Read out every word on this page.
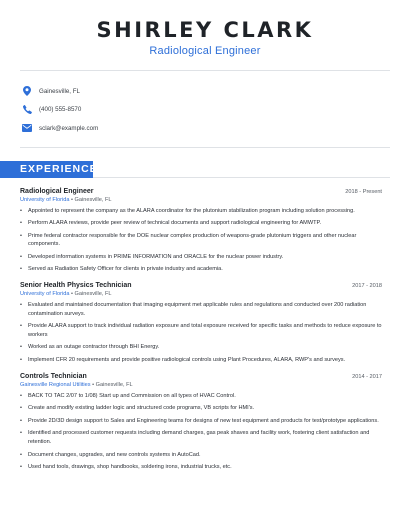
SHIRLEY CLARK
Radiological Engineer
Gainesville, FL
(400) 555-8570
sclark@example.com
EXPERIENCE
Radiological Engineer	2018 - Present
University of Florida • Gainesville, FL
• Appointed to represent the company as the ALARA coordinator for the plutonium stabilization program including solution processing.
• Perform ALARA reviews, provide peer review of technical documents and support radiological engineering for AMWTP.
• Prime federal contractor responsible for the DOE nuclear complex production of weapons-grade plutonium triggers and other nuclear components.
• Developed information systems in PRIME INFORMATION and ORACLE for the nuclear power industry.
• Served as Radiation Safety Officer for clients in private industry and academia.
Senior Health Physics Technician	2017 - 2018
University of Florida • Gainesville, FL
• Evaluated and maintained documentation that imaging equipment met applicable rules and regulations and conducted over 200 radiation contamination surveys.
• Provide ALARA support to track individual radiation exposure and total exposure received for specific tasks and methods to reduce exposure to workers
• Worked as an outage contractor through BHI Energy.
• Implement CFR 20 requirements and provide positive radiological controls using Plant Procedures, ALARA, RWP's and surveys.
Controls Technician	2014 - 2017
Gainesville Regional Utilities • Gainesville, FL
• BACK TO TAC 2/07 to 1/08) Start up and Commission on all types of HVAC Control.
• Create and modify existing ladder logic and structured code programs, VB scripts for HMI's.
• Provide 2D/3D design support to Sales and Engineering teams for designs of new test equipment and products for test/prototype applications.
• Identified and processed customer requests including demand charges, gas peak shaves and facility work, fostering client satisfaction and retention.
• Document changes, upgrades, and new controls systems in AutoCad.
• Used hand tools, drawings, shop handbooks, soldering irons, industrial trucks, etc.
